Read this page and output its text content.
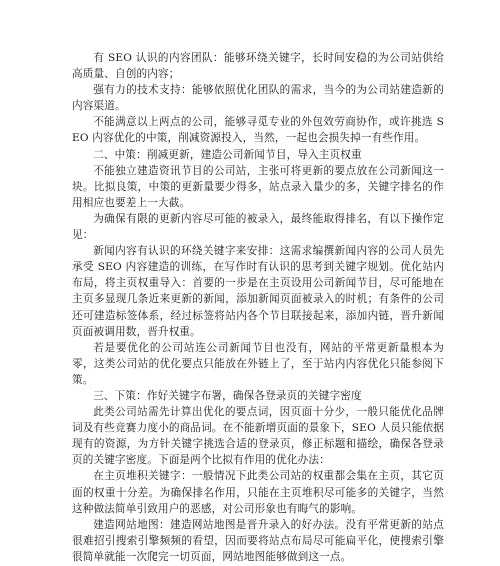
有 SEO 认识的内容团队：能够环绕关键字，长时间安稳的为公司站供给高质量、自创的内容；

强有力的技术支持：能够依照优化团队的需求，当今的为公司站建造新的内容渠道。

不能满意以上两点的公司，能够寻觅专业的外包效劳商协作，或许挑选 SEO 内容优化的中策，削减资源投入，当然，一起也会损失掉一有些作用。

二、中策：削减更新，建造公司新闻节目，导入主页权重

不能独立建造资讯节目的公司站，主张可将更新的要点放在公司新闻这一块。比拟良策，中策的更新量要少得多，站点录入量少的多，关键字排名的作用相应也要差上一大截。

为确保有限的更新内容尽可能的被录入，最终能取得排名，有以下操作定见：

新闻内容有认识的环绕关键字来安排：这需求编撰新闻内容的公司人员先承受 SEO 内容建造的训练，在写作时有认识的思考到关键字规划。优化站内布局，将主页权重导入：首要的一步是在主页设用公司新闻节目，尽可能地在主页多显现几条近来更新的新闻，添加新闻页面被录入的时机；有条件的公司还可建造标签体系，经过标签将站内各个节目联接起来，添加内链，晋升新闻页面被调用数，晋升权重。

若是要优化的公司站连公司新闻节目也没有，网站的平常更新量根本为零，这类公司站的优化要点只能放在外链上了，至于站内内容优化只能参阅下策。

三、下策：作好关键字布署，确保各登录页的关键字密度

此类公司站需先计算出优化的要点词，因页面十分少，一般只能优化品牌词及有些竞赛力度小的商品词。在不能新增页面的景象下，SEO 人员只能依据现有的资源，为方针关键字挑选合适的登录页，修正标题和描绘，确保各登录页的关键字密度。下面是两个比拟有作用的优化办法：

在主页堆积关键字：一般情况下此类公司站的权重都会集在主页，其它页面的权重十分差。为确保排名作用，只能在主页堆积尽可能多的关键字，当然这种做法简单引致用户的恶感，对公司形象也有晦气的影响。

建造网站地图：建造网站地图是晋升录入的好办法。没有平常更新的站点很难招引搜索引擎频频的看望，因而要将站点布局尽可能扁平化，使搜索引擎很简单就能一次爬完一切页面，网站地图能够做到这一点。
